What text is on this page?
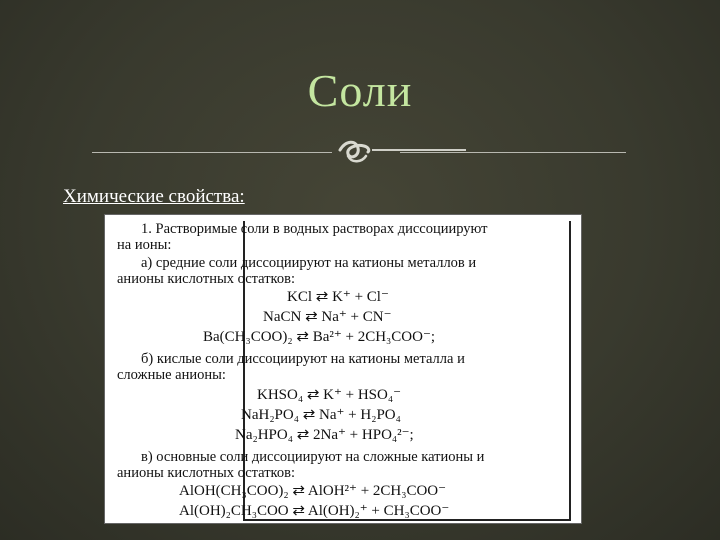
Соли
Химические свойства:
1. Растворимые соли в водных растворах диссоциируют
на ионы:
а) средние соли диссоциируют на катионы металлов и
анионы кислотных остатков:
KCl ⇄ K⁺ + Cl⁻
NaCN ⇄ Na⁺ + CN⁻
Ba(CH₃COO)₂ ⇄ Ba²⁺ + 2CH₃COO⁻;
б) кислые соли диссоциируют на катионы металла и
сложные анионы:
KHSO₄ ⇄ K⁺ + HSO₄⁻
NaH₂PO₄ ⇄ Na⁺ + H₂PO₄
Na₂HPO₄ ⇄ 2Na⁺ + HPO₄²⁻;
в) основные соли диссоциируют на сложные катионы и
анионы кислотных остатков:
AlOH(CH₃COO)₂ ⇄ AlOH²⁺ + 2CH₃COO⁻
Al(OH)₂CH₃COO ⇄ Al(OH)₂⁺ + CH₃COO⁻
